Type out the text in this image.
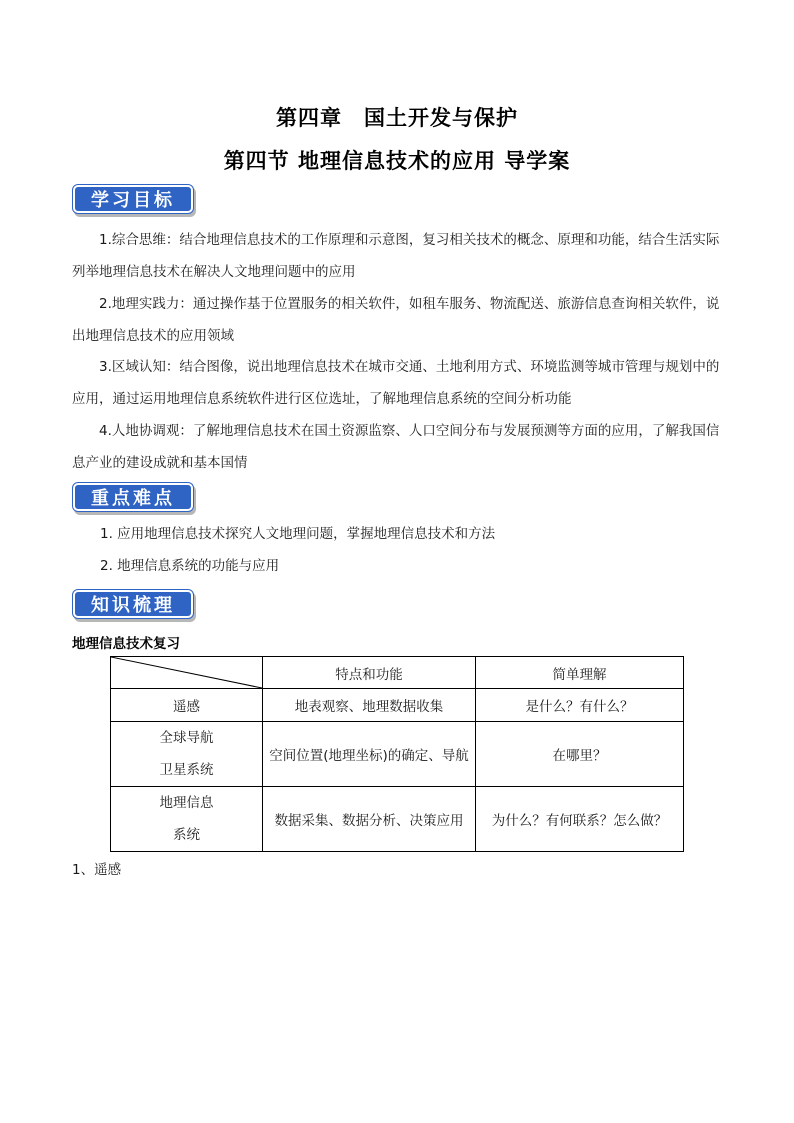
第四章　国土开发与保护
第四节 地理信息技术的应用 导学案
学习目标
1.综合思维：结合地理信息技术的工作原理和示意图，复习相关技术的概念、原理和功能，结合生活实际列举地理信息技术在解决人文地理问题中的应用
2.地理实践力：通过操作基于位置服务的相关软件，如租车服务、物流配送、旅游信息查询相关软件，说出地理信息技术的应用领域
3.区域认知：结合图像，说出地理信息技术在城市交通、土地利用方式、环境监测等城市管理与规划中的应用，通过运用地理信息系统软件进行区位选址，了解地理信息系统的空间分析功能
4.人地协调观：了解地理信息技术在国土资源监察、人口空间分布与发展预测等方面的应用，了解我国信息产业的建设成就和基本国情
重点难点
1. 应用地理信息技术探究人文地理问题，掌握地理信息技术和方法
2. 地理信息系统的功能与应用
知识梳理
地理信息技术复习
	特点和功能	简单理解
遥感	地表观察、地理数据收集	是什么？有什么？

全球导航
卫星系统	空间位置(地理坐标)的确定、导航	在哪里？

地理信息
系统	数据采集、数据分析、决策应用	为什么？有何联系？怎么做？
1、遥感
